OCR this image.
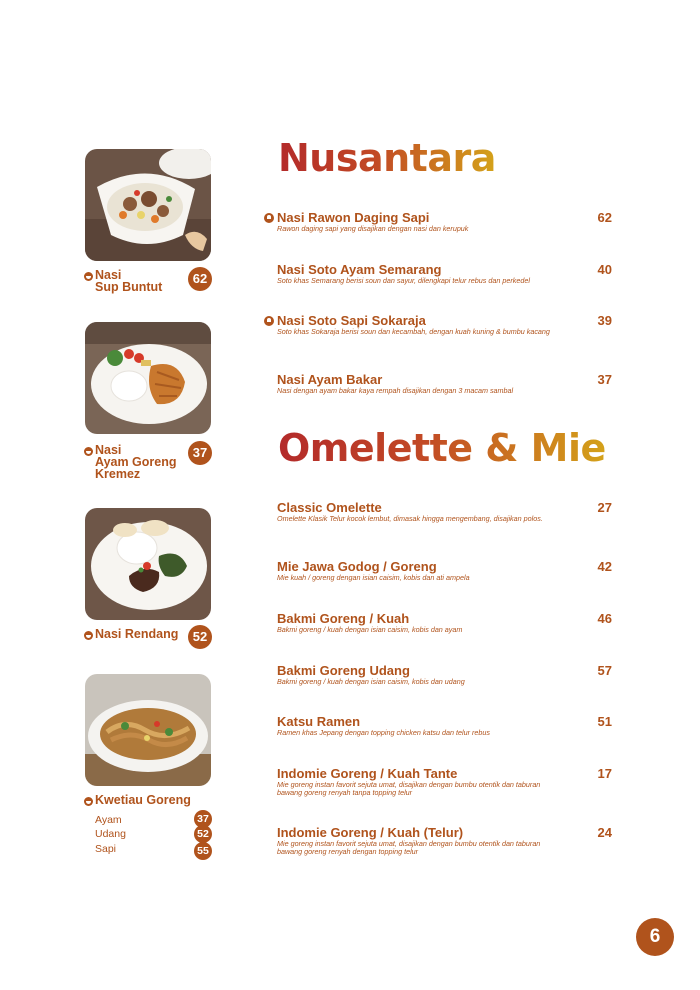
Nasi
Sup Buntut
62
Nasi
Ayam Goreng
Kremez
37
Nasi Rendang	52
Kwetiau Goreng
Ayam	37
Udang	52
Sapi	55
Nusantara
Nasi Rawon Daging Sapi
Rawon daging sapi yang disajikan dengan nasi dan kerupuk
62
Nasi Soto Ayam Semarang
Soto khas Semarang berisi soun dan sayur, dilengkapi telur rebus dan perkedel
40
Nasi Soto Sapi Sokaraja
Soto khas Sokaraja berisi soun dan kecambah, dengan kuah kuning & bumbu kacang
39
Nasi Ayam Bakar
Nasi dengan ayam bakar kaya rempah disajikan dengan 3 macam sambal
37
Omelette & Mie
Classic Omelette
Omelette Klasik Telur kocok lembut, dimasak hingga mengembang, disajikan polos.
27
Mie Jawa Godog / Goreng
Mie kuah / goreng dengan isian caisim, kobis dan ati ampela
42
Bakmi Goreng / Kuah
Bakmi goreng / kuah dengan isian caisim, kobis dan ayam
46
Bakmi Goreng Udang
Bakmi goreng / kuah dengan isian caisim, kobis dan udang
57
Katsu Ramen
Ramen khas Jepang dengan topping chicken katsu dan telur rebus
51
Indomie Goreng / Kuah Tante
Mie goreng instan favorit sejuta umat, disajikan dengan bumbu otentik dan taburan bawang goreng renyah tanpa topping telur
17
Indomie Goreng / Kuah (Telur)
Mie goreng instan favorit sejuta umat, disajikan dengan bumbu otentik dan taburan bawang goreng renyah dengan topping telur
24
6
